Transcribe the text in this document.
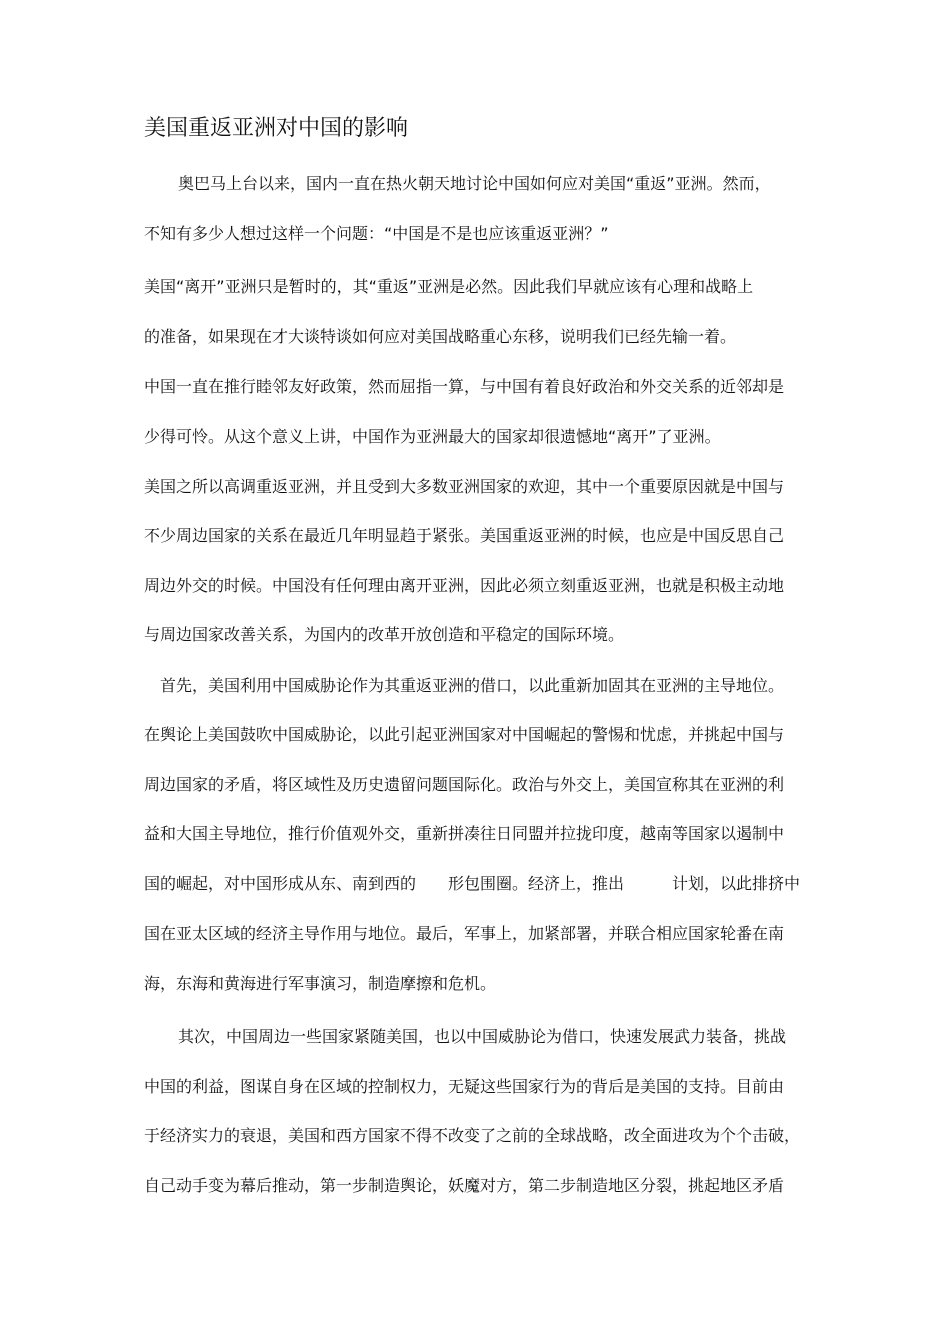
美国重返亚洲对中国的影响
奥巴马上台以来，国内一直在热火朝天地讨论中国如何应对美国“重返”亚洲。然而，
不知有多少人想过这样一个问题：“中国是不是也应该重返亚洲？”
美国“离开”亚洲只是暂时的，其“重返”亚洲是必然。因此我们早就应该有心理和战略上
的准备，如果现在才大谈特谈如何应对美国战略重心东移，说明我们已经先输一着。
中国一直在推行睦邻友好政策，然而屈指一算，与中国有着良好政治和外交关系的近邻却是
少得可怜。从这个意义上讲，中国作为亚洲最大的国家却很遗憾地“离开”了亚洲。
美国之所以高调重返亚洲，并且受到大多数亚洲国家的欢迎，其中一个重要原因就是中国与
不少周边国家的关系在最近几年明显趋于紧张。美国重返亚洲的时候，也应是中国反思自己
周边外交的时候。中国没有任何理由离开亚洲，因此必须立刻重返亚洲，也就是积极主动地
与周边国家改善关系，为国内的改革开放创造和平稳定的国际环境。
首先，美国利用中国威胁论作为其重返亚洲的借口，以此重新加固其在亚洲的主导地位。
在舆论上美国鼓吹中国威胁论，以此引起亚洲国家对中国崛起的警惕和忧虑，并挑起中国与
周边国家的矛盾，将区域性及历史遗留问题国际化。政治与外交上，美国宣称其在亚洲的利
益和大国主导地位，推行价值观外交，重新拼凑往日同盟并拉拢印度，越南等国家以遏制中
国的崛起，对中国形成从东、南到西的　　形包围圈。经济上，推出　　　计划，以此排挤中
国在亚太区域的经济主导作用与地位。最后，军事上，加紧部署，并联合相应国家轮番在南
海，东海和黄海进行军事演习，制造摩擦和危机。
其次，中国周边一些国家紧随美国，也以中国威胁论为借口，快速发展武力装备，挑战
中国的利益，图谋自身在区域的控制权力，无疑这些国家行为的背后是美国的支持。目前由
于经济实力的衰退，美国和西方国家不得不改变了之前的全球战略，改全面进攻为个个击破，
自己动手变为幕后推动，第一步制造舆论，妖魔对方，第二步制造地区分裂，挑起地区矛盾
